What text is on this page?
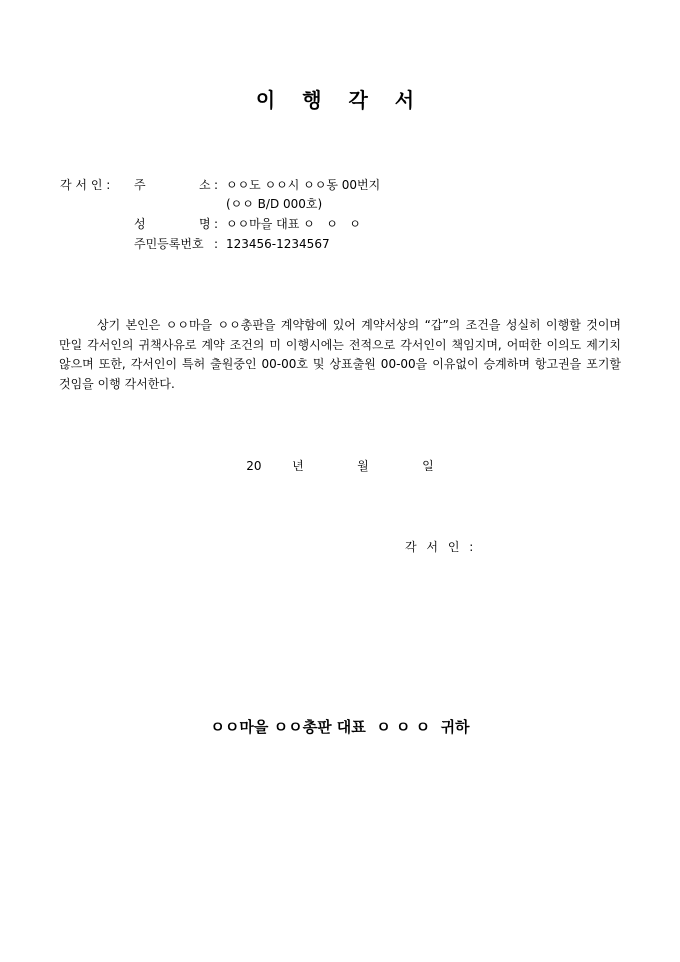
이 행 각 서
각 서 인 :	주	소 : ㅇㅇ도 ㅇㅇ시 ㅇㅇ동 00번지
(ㅇㅇ B/D 000호)
성	명 : ㅇㅇ마을 대표 ㅇ   ㅇ   ㅇ
주민등록번호 : 123456-1234567
상기 본인은 ㅇㅇ마을 ㅇㅇ총판을 계약함에 있어 계약서상의 “갑”의 조건을 성실히 이행할 것이며 만일 각서인의 귀책사유로 계약 조건의 미 이행시에는 전적으로 각서인이 책임지며, 어떠한 이의도 제기치 않으며 또한, 각서인이 특허 출원중인 00-00호 및 상표출원 00-00을 이유없이 승계하며 항고권을 포기할 것임을 이행 각서한다.
20	년	월	일
각 서 인 :
ㅇㅇ마을 ㅇㅇ총판 대표  ㅇ ㅇ ㅇ  귀하
